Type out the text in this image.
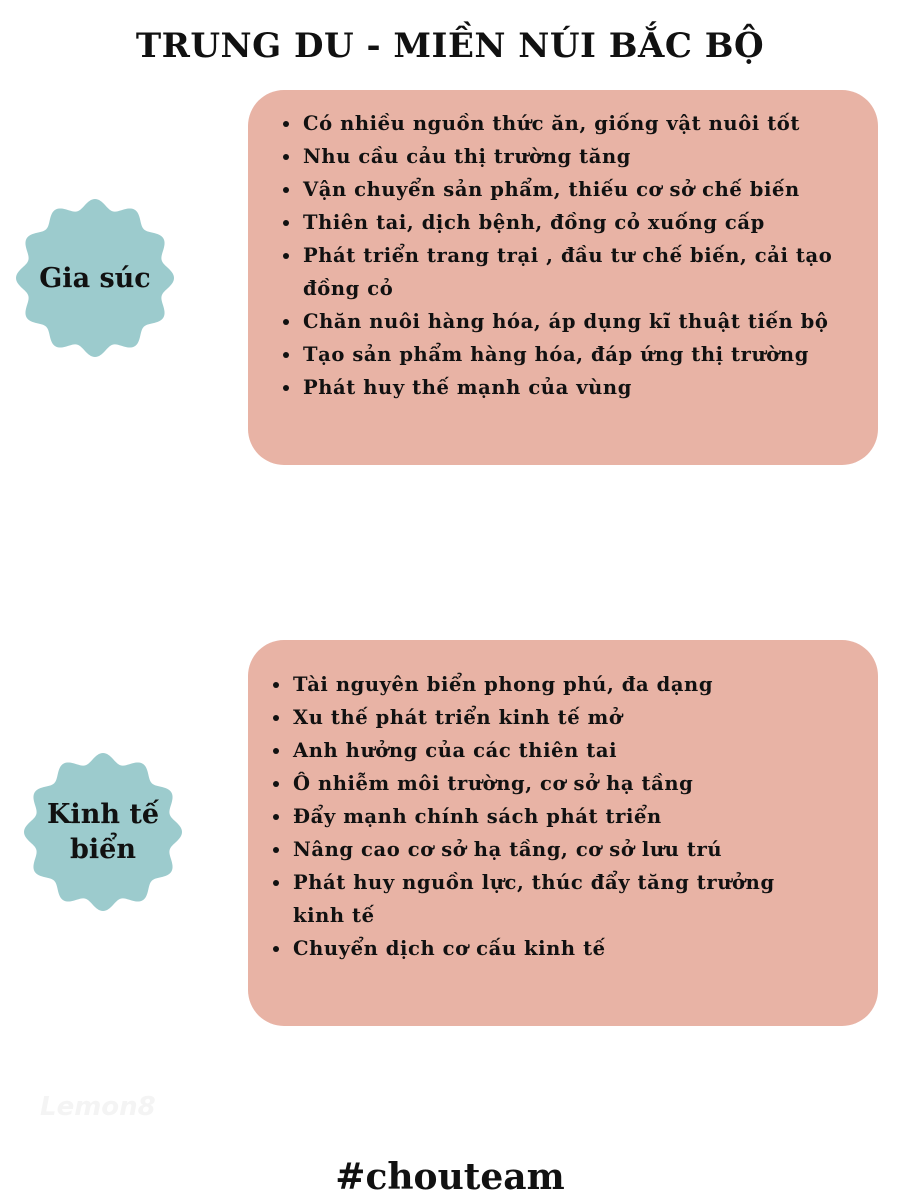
TRUNG DU - MIỀN NÚI BẮC BỘ
Gia súc
Có nhiều nguồn thức ăn, giống vật nuôi tốt
Nhu cầu cảu thị trường tăng
Vận chuyển sản phẩm, thiếu cơ sở chế biến
Thiên tai, dịch bệnh, đồng cỏ xuống cấp
Phát triển trang trại , đầu tư chế biến, cải tạo đồng cỏ
Chăn nuôi hàng hóa, áp dụng kĩ thuật tiến bộ
Tạo sản phẩm hàng hóa, đáp ứng thị trường
Phát huy thế mạnh của vùng
Kinh tế biển
Tài nguyên biển phong phú, đa dạng
Xu thế phát triển kinh tế mở
Anh hưởng của các thiên tai
Ô nhiễm môi trường, cơ sở hạ tầng
Đẩy mạnh chính sách phát triển
Nâng cao cơ sở hạ tầng, cơ sở lưu trú
Phát huy nguồn lực, thúc đẩy tăng trưởng kinh tế
Chuyển dịch cơ cấu kinh tế
Lemon8
#chouteam
